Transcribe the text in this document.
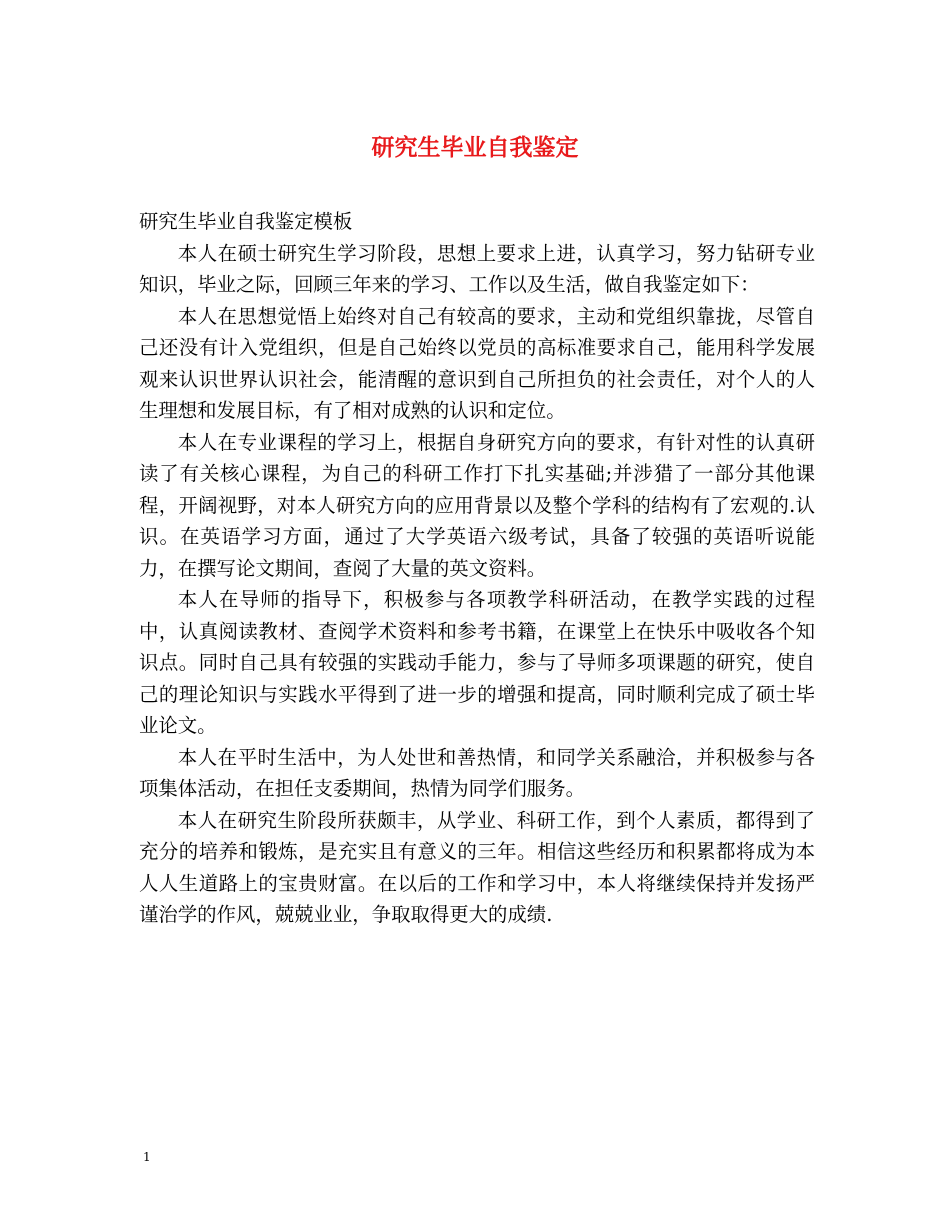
研究生毕业自我鉴定

研究生毕业自我鉴定模板

本人在硕士研究生学习阶段，思想上要求上进，认真学习，努力钻研专业知识，毕业之际，回顾三年来的学习、工作以及生活，做自我鉴定如下：

本人在思想觉悟上始终对自己有较高的要求，主动和党组织靠拢，尽管自己还没有计入党组织，但是自己始终以党员的高标准要求自己，能用科学发展观来认识世界认识社会，能清醒的意识到自己所担负的社会责任，对个人的人生理想和发展目标，有了相对成熟的认识和定位。

本人在专业课程的学习上，根据自身研究方向的要求，有针对性的认真研读了有关核心课程，为自己的科研工作打下扎实基础;并涉猎了一部分其他课程，开阔视野，对本人研究方向的应用背景以及整个学科的结构有了宏观的.认识。在英语学习方面，通过了大学英语六级考试，具备了较强的英语听说能力，在撰写论文期间，查阅了大量的英文资料。

本人在导师的指导下，积极参与各项教学科研活动，在教学实践的过程中，认真阅读教材、查阅学术资料和参考书籍，在课堂上在快乐中吸收各个知识点。同时自己具有较强的实践动手能力，参与了导师多项课题的研究，使自己的理论知识与实践水平得到了进一步的增强和提高，同时顺利完成了硕士毕业论文。

本人在平时生活中，为人处世和善热情，和同学关系融洽，并积极参与各项集体活动，在担任支委期间，热情为同学们服务。

本人在研究生阶段所获颇丰，从学业、科研工作，到个人素质，都得到了充分的培养和锻炼，是充实且有意义的三年。相信这些经历和积累都将成为本人人生道路上的宝贵财富。在以后的工作和学习中，本人将继续保持并发扬严谨治学的作风，兢兢业业，争取取得更大的成绩.

1
